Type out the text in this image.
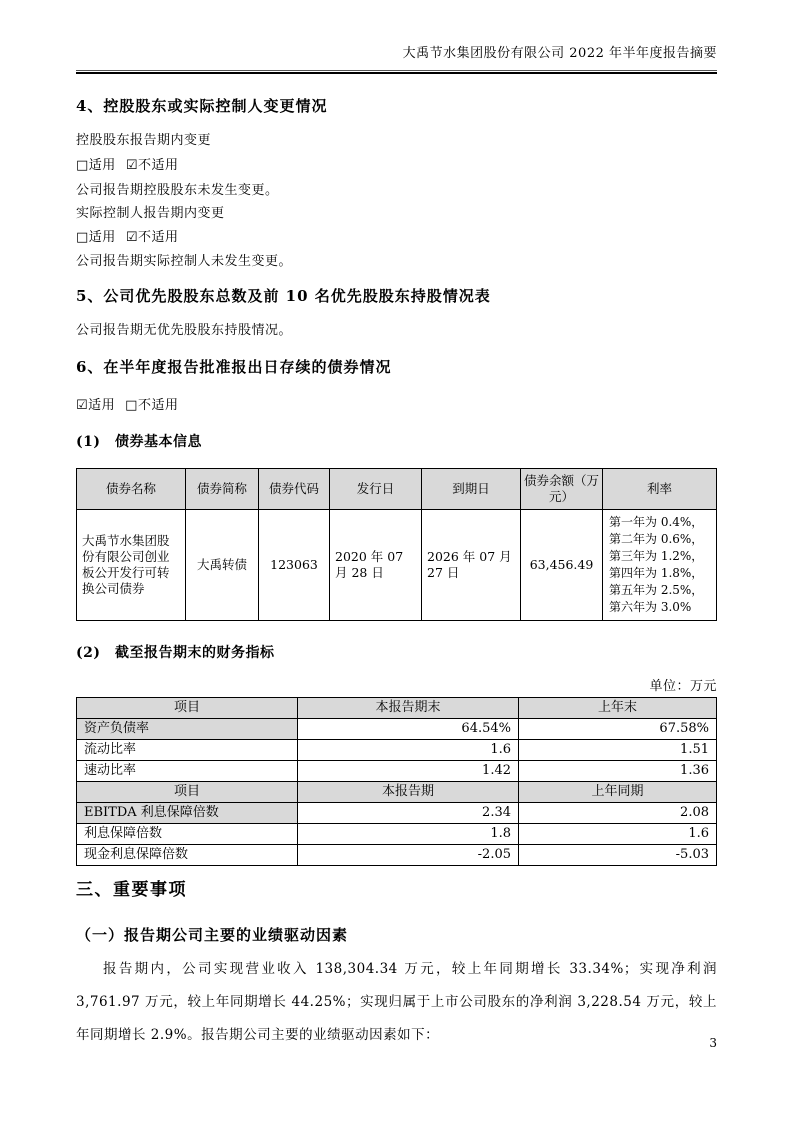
大禹节水集团股份有限公司 2022 年半年度报告摘要
4、控股股东或实际控制人变更情况
控股股东报告期内变更
□适用 ☑不适用
公司报告期控股股东未发生变更。
实际控制人报告期内变更
□适用 ☑不适用
公司报告期实际控制人未发生变更。
5、公司优先股股东总数及前 10 名优先股股东持股情况表
公司报告期无优先股股东持股情况。
6、在半年度报告批准报出日存续的债券情况
☑适用 □不适用
(1)　债券基本信息
债券名称	债券简称	债券代码	发行日	到期日	债券余额（万元）	利率
大禹节水集团股份有限公司创业板公开发行可转换公司债券	大禹转债	123063	2020 年 07 月 28 日	2026 年 07 月 27 日	63,456.49	第一年为 0.4%，第二年为 0.6%，第三年为 1.2%，第四年为 1.8%，第五年为 2.5%，第六年为 3.0%
(2)　截至报告期末的财务指标
单位：万元
项目	本报告期末	上年末
资产负债率	64.54%	67.58%
流动比率	1.6	1.51
速动比率	1.42	1.36
项目	本报告期	上年同期
EBITDA 利息保障倍数	2.34	2.08
利息保障倍数	1.8	1.6
现金利息保障倍数	-2.05	-5.03
三、重要事项
（一）报告期公司主要的业绩驱动因素
报告期内，公司实现营业收入 138,304.34 万元，较上年同期增长 33.34%；实现净利润 3,761.97 万元，较上年同期增长 44.25%；实现归属于上市公司股东的净利润 3,228.54 万元，较上年同期增长 2.9%。报告期公司主要的业绩驱动因素如下：	3
